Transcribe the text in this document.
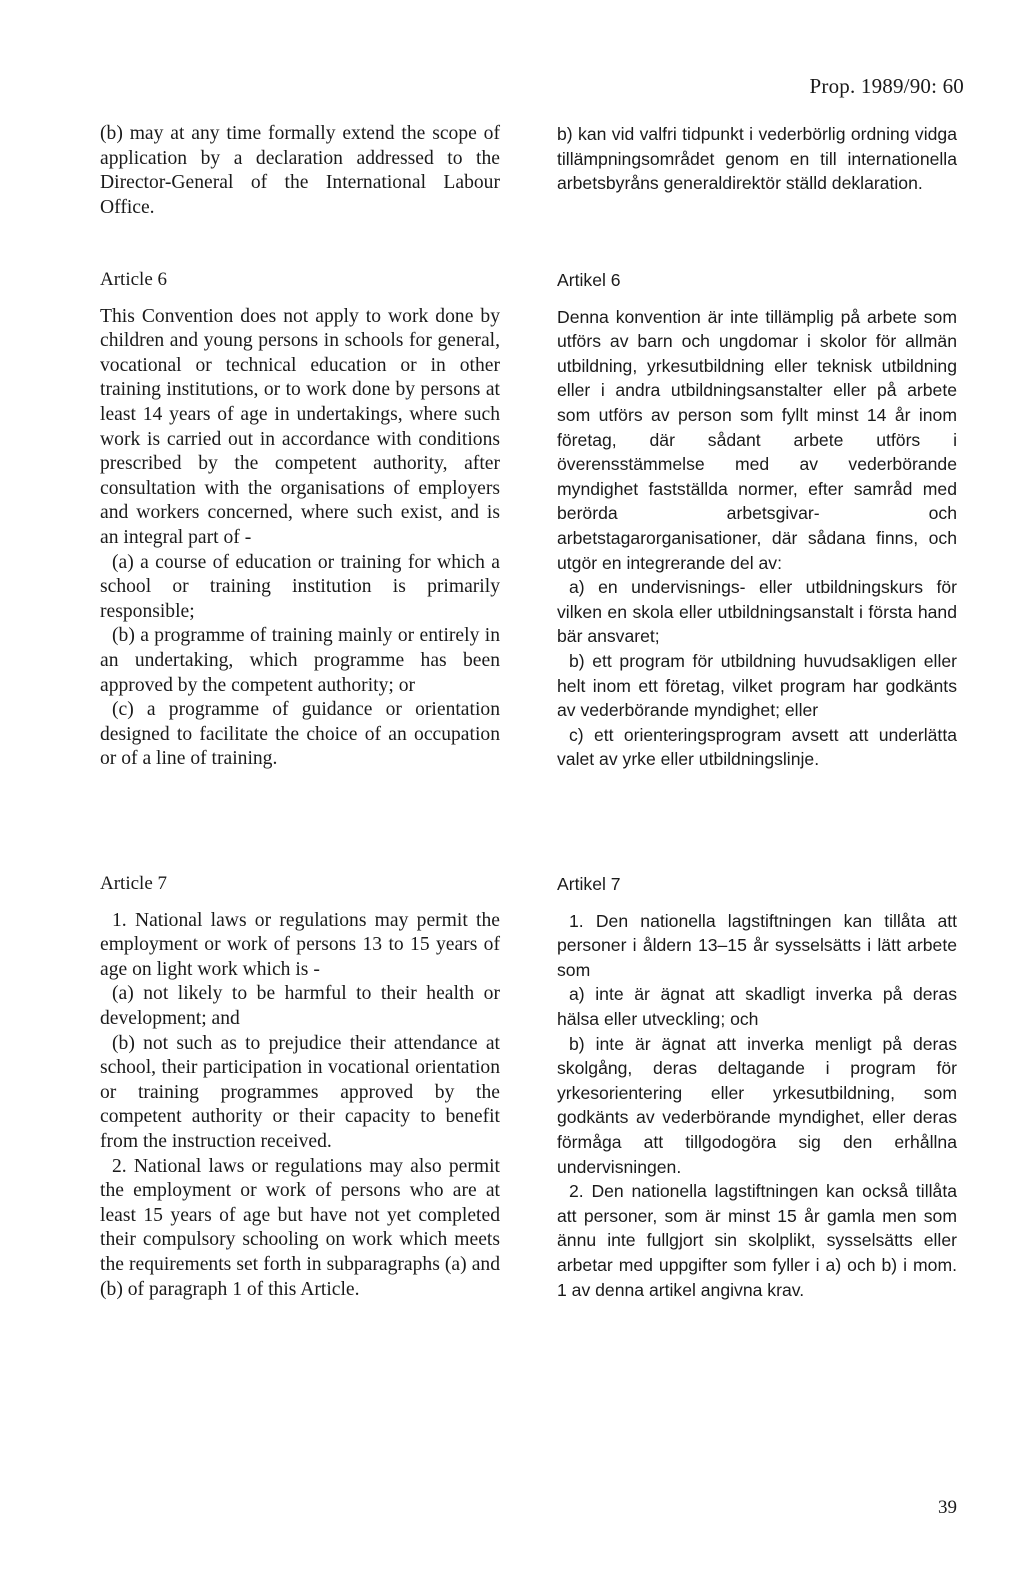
Prop. 1989/90: 60

(b) may at any time formally extend the scope of application by a declaration addressed to the Director-General of the International Labour Office.

b) kan vid valfri tidpunkt i vederbörlig ordning vidga tillämpningsområdet genom en till internationella arbetsbyråns generaldirektör ställd deklaration.

Article 6

This Convention does not apply to work done by children and young persons in schools for general, vocational or technical education or in other training institutions, or to work done by persons at least 14 years of age in undertakings, where such work is carried out in accordance with conditions prescribed by the competent authority, after consultation with the organisations of employers and workers concerned, where such exist, and is an integral part of -

(a) a course of education or training for which a school or training institution is primarily responsible;

(b) a programme of training mainly or entirely in an undertaking, which programme has been approved by the competent authority; or

(c) a programme of guidance or orientation designed to facilitate the choice of an occupation or of a line of training.

Artikel 6

Denna konvention är inte tillämplig på arbete som utförs av barn och ungdomar i skolor för allmän utbildning, yrkesutbildning eller teknisk utbildning eller i andra utbildningsanstalter eller på arbete som utförs av person som fyllt minst 14 år inom företag, där sådant arbete utförs i överensstämmelse med av vederbörande myndighet fastställda normer, efter samråd med berörda arbetsgivar- och arbetstagarorganisationer, där sådana finns, och utgör en integrerande del av:

a) en undervisnings- eller utbildningskurs för vilken en skola eller utbildningsanstalt i första hand bär ansvaret;

b) ett program för utbildning huvudsakligen eller helt inom ett företag, vilket program har godkänts av vederbörande myndighet; eller

c) ett orienteringsprogram avsett att underlätta valet av yrke eller utbildningslinje.

Article 7

1. National laws or regulations may permit the employment or work of persons 13 to 15 years of age on light work which is -

(a) not likely to be harmful to their health or development; and

(b) not such as to prejudice their attendance at school, their participation in vocational orientation or training programmes approved by the competent authority or their capacity to benefit from the instruction received.

2. National laws or regulations may also permit the employment or work of persons who are at least 15 years of age but have not yet completed their compulsory schooling on work which meets the requirements set forth in subparagraphs (a) and (b) of paragraph 1 of this Article.

Artikel 7

1. Den nationella lagstiftningen kan tillåta att personer i åldern 13–15 år sysselsätts i lätt arbete som

a) inte är ägnat att skadligt inverka på deras hälsa eller utveckling; och

b) inte är ägnat att inverka menligt på deras skolgång, deras deltagande i program för yrkesorientering eller yrkesutbildning, som godkänts av vederbörande myndighet, eller deras förmåga att tillgodogöra sig den erhållna undervisningen.

2. Den nationella lagstiftningen kan också tillåta att personer, som är minst 15 år gamla men som ännu inte fullgjort sin skolplikt, sysselsätts eller arbetar med uppgifter som fyller i a) och b) i mom. 1 av denna artikel angivna krav.

39
